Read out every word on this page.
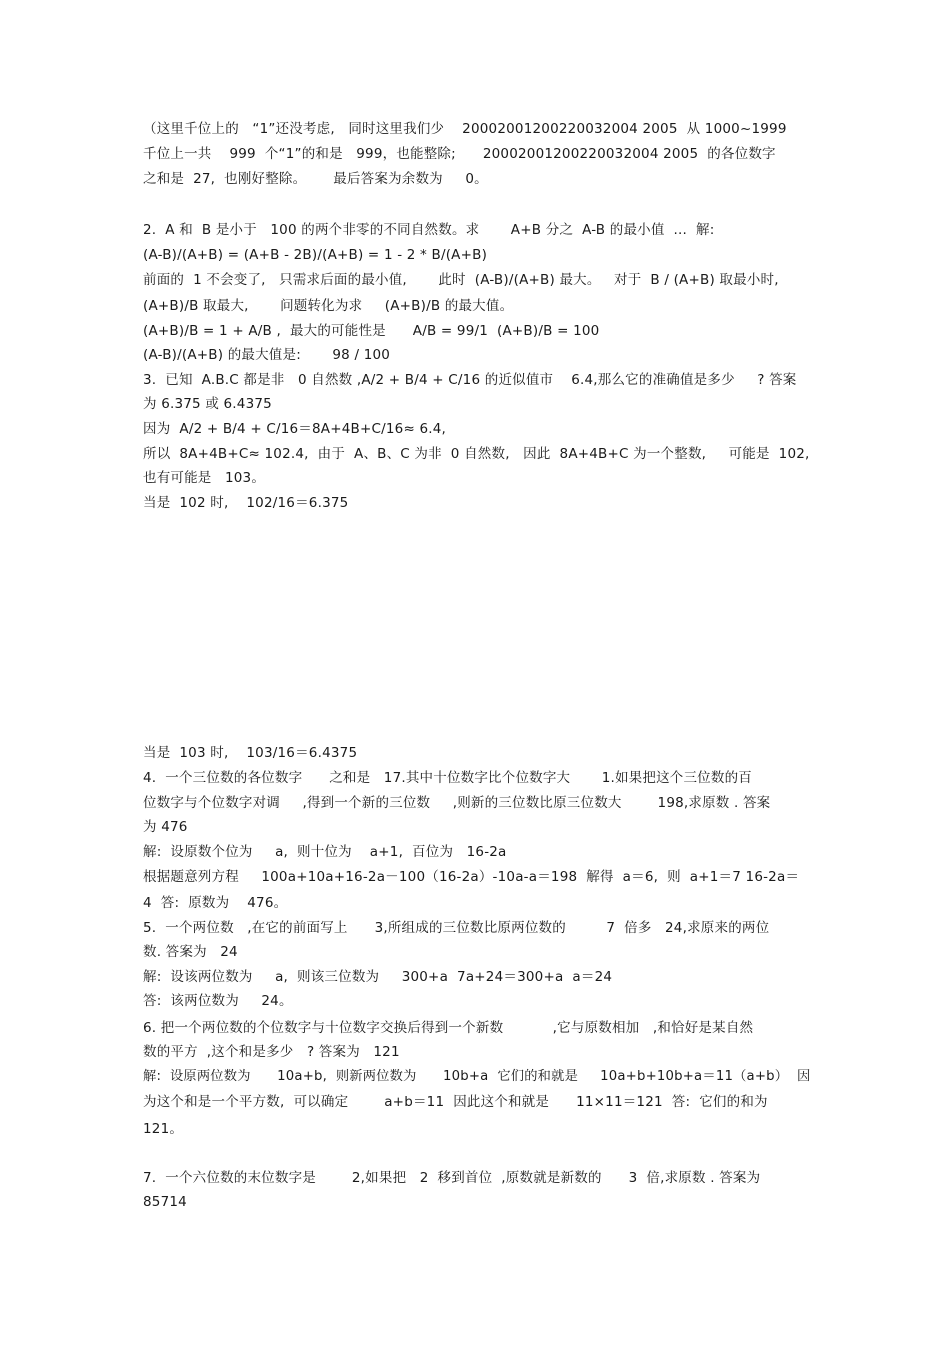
（这里千位上的   “1”还没考虑,   同时这里我们少    20002001200220032004 2005  从 1000~1999
千位上一共    999  个“1”的和是   999，也能整除;      20002001200220032004 2005  的各位数字
之和是  27,  也刚好整除。      最后答案为余数为     0。
2.  A 和  B 是小于   100 的两个非零的不同自然数。求       A+B 分之  A-B 的最小值  ...  解:
(A-B)/(A+B) = (A+B - 2B)/(A+B) = 1 - 2 * B/(A+B)
前面的  1 不会变了,   只需求后面的最小值,       此时  (A-B)/(A+B) 最大。   对于  B / (A+B) 取最小时,
(A+B)/B 取最大,       问题转化为求     (A+B)/B 的最大值。
(A+B)/B = 1 + A/B ,  最大的可能性是      A/B = 99/1  (A+B)/B = 100
(A-B)/(A+B) 的最大值是:       98 / 100
3.  已知  A.B.C 都是非   0 自然数 ,A/2 + B/4 + C/16 的近似值市    6.4,那么它的准确值是多少     ? 答案
为 6.375 或 6.4375
因为  A/2 + B/4 + C/16＝8A+4B+C/16≈ 6.4,
所以  8A+4B+C≈ 102.4,  由于  A、B、C 为非  0 自然数,   因此  8A+4B+C 为一个整数,     可能是  102,
也有可能是   103。
当是  102 时,    102/16＝6.375
当是  103 时,    103/16＝6.4375
4.  一个三位数的各位数字      之和是   17.其中十位数字比个位数字大       1.如果把这个三位数的百
位数字与个位数字对调     ,得到一个新的三位数     ,则新的三位数比原三位数大        198,求原数 . 答案
为 476
解:  设原数个位为     a,  则十位为    a+1,  百位为   16-2a
根据题意列方程     100a+10a+16-2a－100（16-2a）-10a-a＝198  解得  a＝6,  则  a+1＝7 16-2a＝
4  答:  原数为    476。
5.  一个两位数   ,在它的前面写上      3,所组成的三位数比原两位数的         7  倍多   24,求原来的两位
数. 答案为   24
解:  设该两位数为     a,  则该三位数为     300+a  7a+24＝300+a  a＝24
答:  该两位数为     24。
6. 把一个两位数的个位数字与十位数字交换后得到一个新数           ,它与原数相加   ,和恰好是某自然
数的平方  ,这个和是多少   ? 答案为   121
解:  设原两位数为      10a+b,  则新两位数为      10b+a  它们的和就是     10a+b+10b+a＝11（a+b）  因
为这个和是一个平方数,  可以确定        a+b＝11  因此这个和就是      11×11＝121  答:  它们的和为
121。
7.  一个六位数的末位数字是        2,如果把   2  移到首位  ,原数就是新数的      3  倍,求原数 . 答案为
85714
